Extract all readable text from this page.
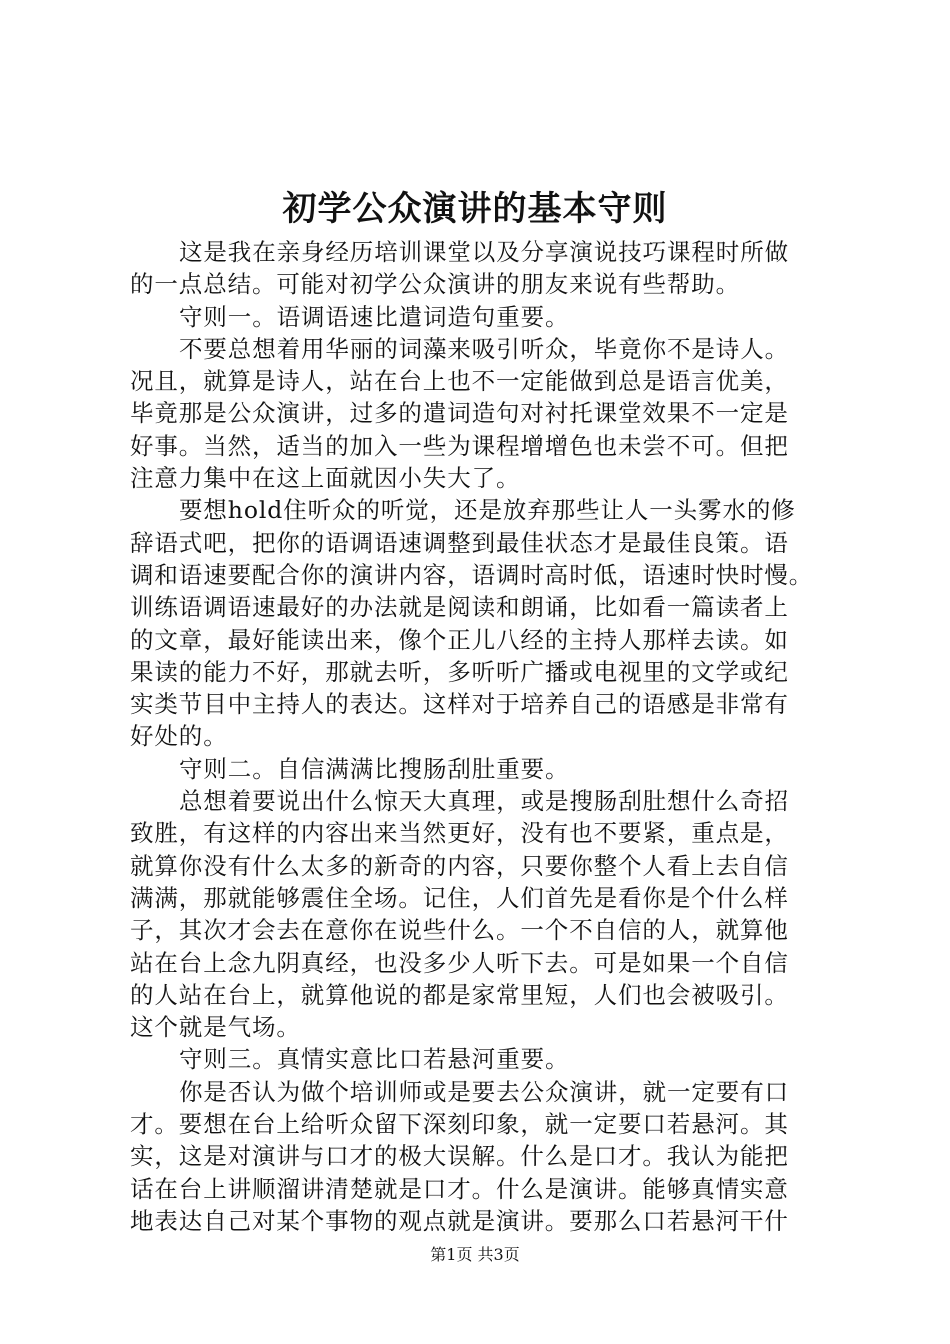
初学公众演讲的基本守则
这是我在亲身经历培训课堂以及分享演说技巧课程时所做
的一点总结。可能对初学公众演讲的朋友来说有些帮助。
守则一。语调语速比遣词造句重要。
不要总想着用华丽的词藻来吸引听众，毕竟你不是诗人。
况且，就算是诗人，站在台上也不一定能做到总是语言优美，
毕竟那是公众演讲，过多的遣词造句对衬托课堂效果不一定是
好事。当然，适当的加入一些为课程增增色也未尝不可。但把
注意力集中在这上面就因小失大了。
要想hold住听众的听觉，还是放弃那些让人一头雾水的修
辞语式吧，把你的语调语速调整到最佳状态才是最佳良策。语
调和语速要配合你的演讲内容，语调时高时低，语速时快时慢。
训练语调语速最好的办法就是阅读和朗诵，比如看一篇读者上
的文章，最好能读出来，像个正儿八经的主持人那样去读。如
果读的能力不好，那就去听，多听听广播或电视里的文学或纪
实类节目中主持人的表达。这样对于培养自己的语感是非常有
好处的。
守则二。自信满满比搜肠刮肚重要。
总想着要说出什么惊天大真理，或是搜肠刮肚想什么奇招
致胜，有这样的内容出来当然更好，没有也不要紧，重点是，
就算你没有什么太多的新奇的内容，只要你整个人看上去自信
满满，那就能够震住全场。记住，人们首先是看你是个什么样
子，其次才会去在意你在说些什么。一个不自信的人，就算他
站在台上念九阴真经，也没多少人听下去。可是如果一个自信
的人站在台上，就算他说的都是家常里短，人们也会被吸引。
这个就是气场。
守则三。真情实意比口若悬河重要。
你是否认为做个培训师或是要去公众演讲，就一定要有口
才。要想在台上给听众留下深刻印象，就一定要口若悬河。其
实，这是对演讲与口才的极大误解。什么是口才。我认为能把
话在台上讲顺溜讲清楚就是口才。什么是演讲。能够真情实意
地表达自己对某个事物的观点就是演讲。要那么口若悬河干什
第1页 共3页
